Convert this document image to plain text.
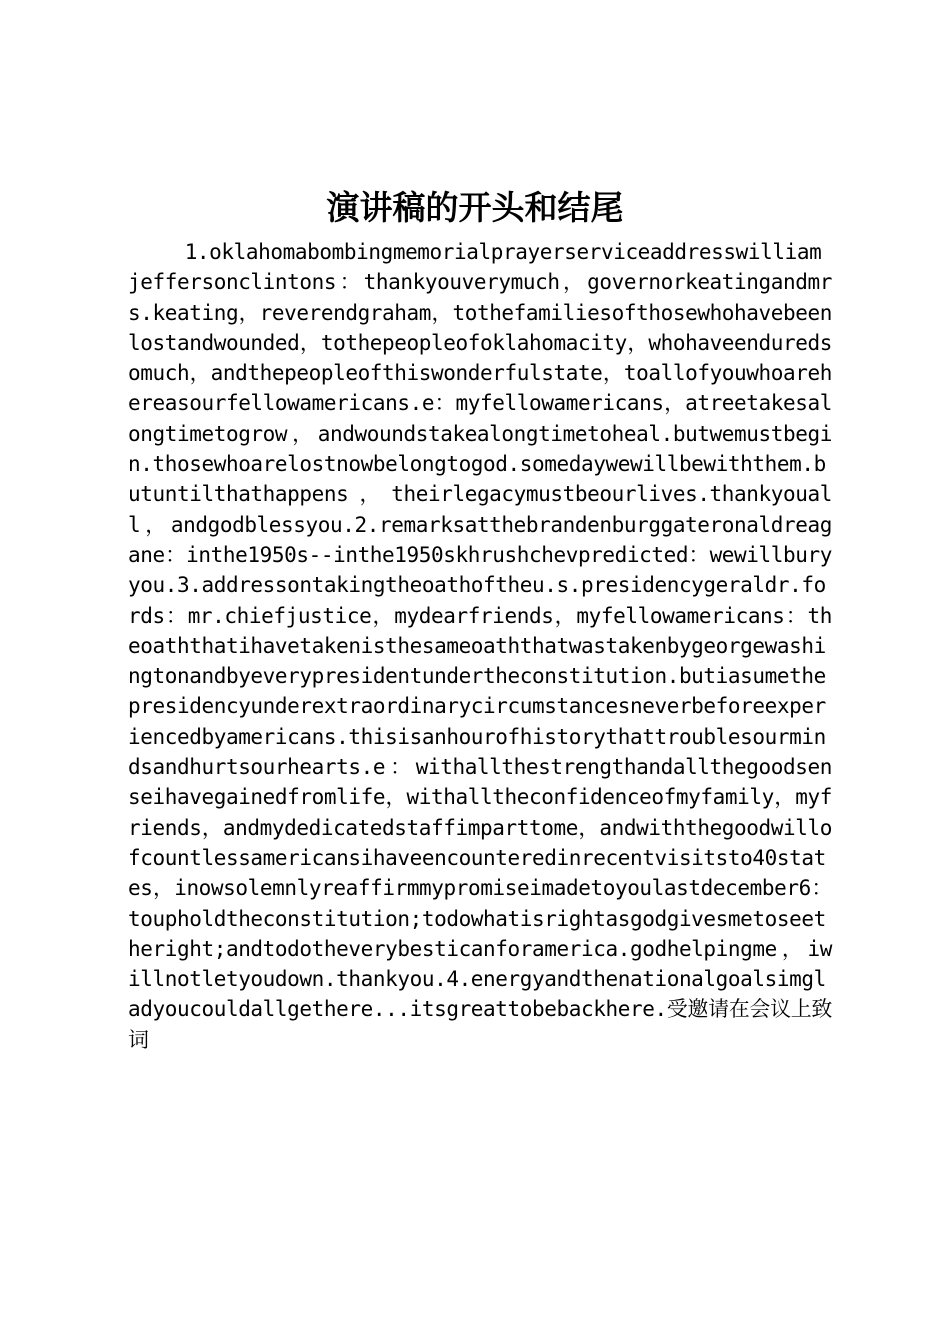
演讲稿的开头和结尾

1.oklahomabombingmemorialprayerserviceaddresswilliamjeffersonclintons：thankyouverymuch，governorkeatingandmrs.keating，reverendgraham，tothefamiliesofthosewhohavebeenlostandwounded，tothepeopleofoklahomacity，whohaveenduredsomuch，andthepeopleofthiswonderfulstate，toallofyouwhoarehereasourfellowamericans.e：myfellowamericans，atreetakesalongtimetogrow，andwoundstakealongtimetoheal.butwemustbegin.thosewhoarelostnowbelongtogod.somedaywewillbewiththem.butuntilthathappens，theirlegacymustbeourlives.thankyouall，andgodblessyou.2.remarksatthebrandenburggateronaldreagane：inthe1950s--inthe1950skhrushchevpredicted：wewillburyyou.3.addressontakingtheoathoftheu.s.presidencygeraldr.fords：mr.chiefjustice，mydearfriends，myfellowamericans：theoaththatihavetakenisthesameoaththatwastakenbygeorgewashingtonandbyeverypresidentundertheconstitution.butiasumethepresidencyunderextraordinarycircumstancesneverbeforeexperiencedbyamericans.thisisanhourofhistorythattroublesourmindsandhurtsourhearts.e：withallthestrengthandallthegoodsenseihavegainedfromlife，withalltheconfidenceofmyfamily，myfriends，andmydedicatedstaffimparttome，andwiththegoodwillofcountlessamericansihaveencounteredinrecentvisitsto40states，inowsolemnlyreaffirmmypromiseimadetoyoulastdecember6：toupholdtheconstitution;todowhatisrightasgodgivesmetoseetheright;andtodotheverybesticanforamerica.godhelpingme，iwillnotletyoudown.thankyou.4.energyandthenationalgoalsimgladyoucouldallgethere...itsgreattobebackhere.受邀请在会议上致词
